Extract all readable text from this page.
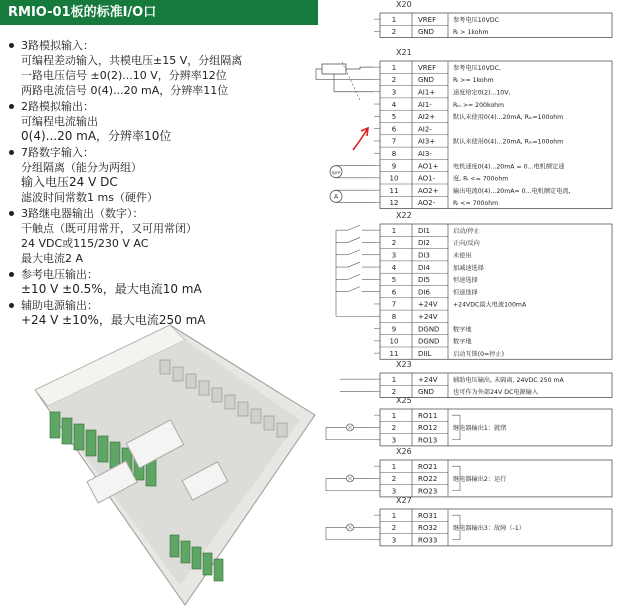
RMIO-01板的标准I/O口
3路模拟输入：
可编程差动输入，共模电压±15 V，分组隔离
一路电压信号 ±0(2)...10 V，分辨率12位
两路电流信号 0(4)...20 mA，分辨率11位
2路模拟输出：
可编程电流输出
0(4)...20 mA，分辨率10位
7路数字输入：
分组隔离（能分为两组）
输入电压24 V DC
滤波时间常数1 ms（硬件）
3路继电器输出（数字）：
干触点（既可用常开，又可用常闭）
24 VDC或115/230 V AC
最大电流2 A
参考电压输出：
±10 V ±0.5%，最大电流10 mA
辅助电源输出：
+24 V ±10%，最大电流250 mA
X20
1	VREF	参考电压10VDC
2	GND	Rₗ > 1kohm
X21
1	VREF	参考电压10VDC,
2	GND	Rₗ >= 1kohm
3	AI1+	速度给定0(2)...10V,
4	AI1-	Rᵢₙ >= 200kohm
5	AI2+	默认未使用0(4)...20mA, Rᵢₙ=100ohm
6	AI2-
7	AI3+	默认未使用0(4)...20mA, Rᵢₙ=100ohm
8	AI3-
9	AO1+ 电机速度0(4)...20mA = 0...电机额定速
10	AO1-	度, Rₗ <= 700ohm
11	AO2+ 输出电流0(4)...20mA= 0...电机额定电流,
12	AO2-	Rₗ <= 700ohm
X22
1	DI1	启动/停止
2	DI2	正向/反向
3	DI3	未使用
4	DI4	加减速选择
5	DI5	恒速选择
6	DI6	恒速选择
7	+24V +24VDC最大电流100mA
8	+24V
9	DGND 数字地
10	DGND 数字地
11	DIIL	启动互锁(0=停止)
X23
1	+24V 辅助电压输出, 未隔离, 24VDC 250 mA
2	GND	也可作为外部24V DC电源输入
X25
1	RO11
2	RO12	继电器输出1：就绪
3	RO13
X26
1	RO21
2	RO22	继电器输出2：运行
3	RO23
X27
1	RO31
2	RO32	继电器输出3：故障（-1）
3	RO33
rpm
A
